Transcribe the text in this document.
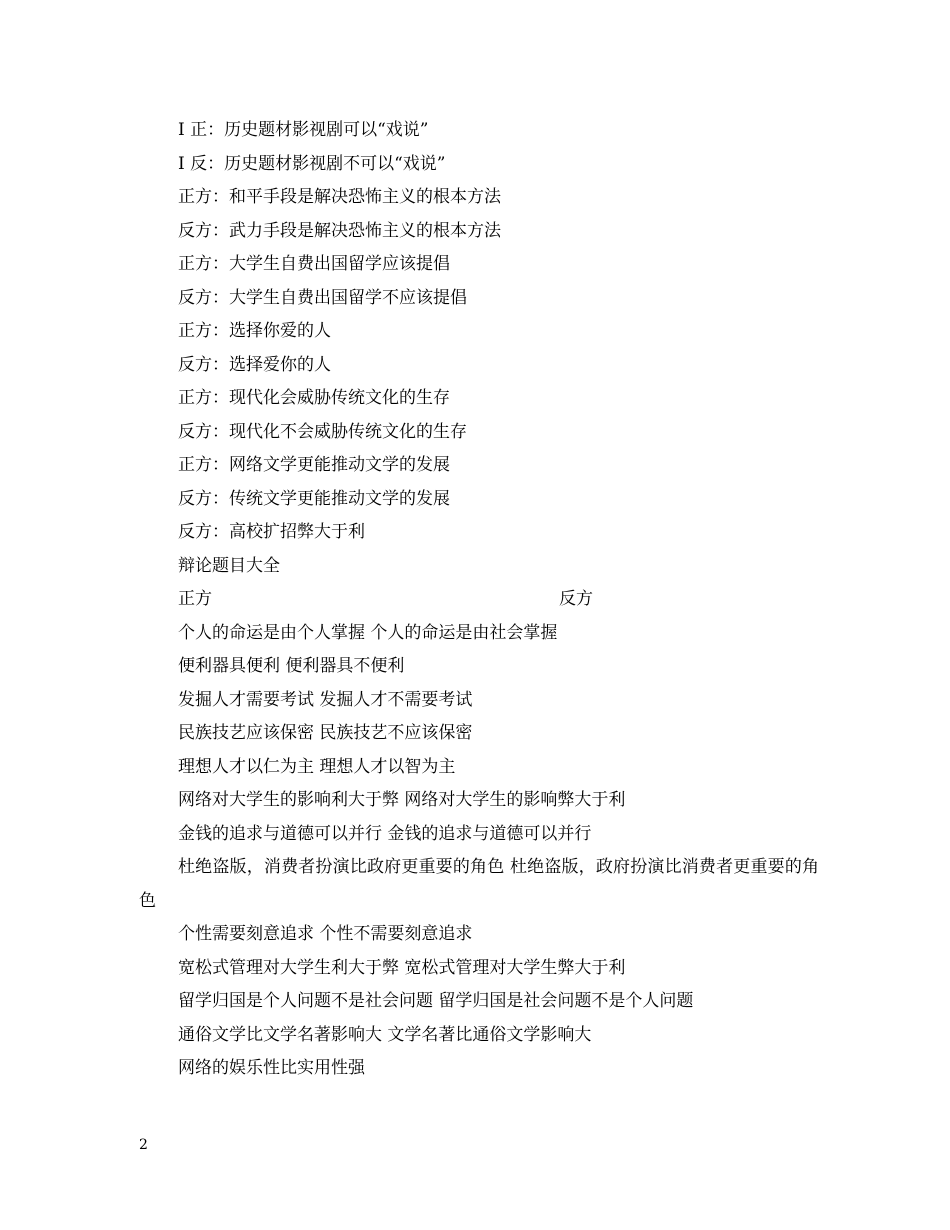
I 正：历史题材影视剧可以“戏说”
I 反：历史题材影视剧不可以“戏说”
正方：和平手段是解决恐怖主义的根本方法
反方：武力手段是解决恐怖主义的根本方法
正方：大学生自费出国留学应该提倡
反方：大学生自费出国留学不应该提倡
正方：选择你爱的人
反方：选择爱你的人
正方：现代化会威胁传统文化的生存
反方：现代化不会威胁传统文化的生存
正方：网络文学更能推动文学的发展
反方：传统文学更能推动文学的发展
反方：高校扩招弊大于利
辩论题目大全
正方	反方
个人的命运是由个人掌握 个人的命运是由社会掌握
便利器具便利 便利器具不便利
发掘人才需要考试 发掘人才不需要考试
民族技艺应该保密 民族技艺不应该保密
理想人才以仁为主 理想人才以智为主
网络对大学生的影响利大于弊 网络对大学生的影响弊大于利
金钱的追求与道德可以并行 金钱的追求与道德可以并行
杜绝盗版，消费者扮演比政府更重要的角色 杜绝盗版，政府扮演比消费者更重要的角色
个性需要刻意追求 个性不需要刻意追求
宽松式管理对大学生利大于弊 宽松式管理对大学生弊大于利
留学归国是个人问题不是社会问题 留学归国是社会问题不是个人问题
通俗文学比文学名著影响大 文学名著比通俗文学影响大
网络的娱乐性比实用性强
2
